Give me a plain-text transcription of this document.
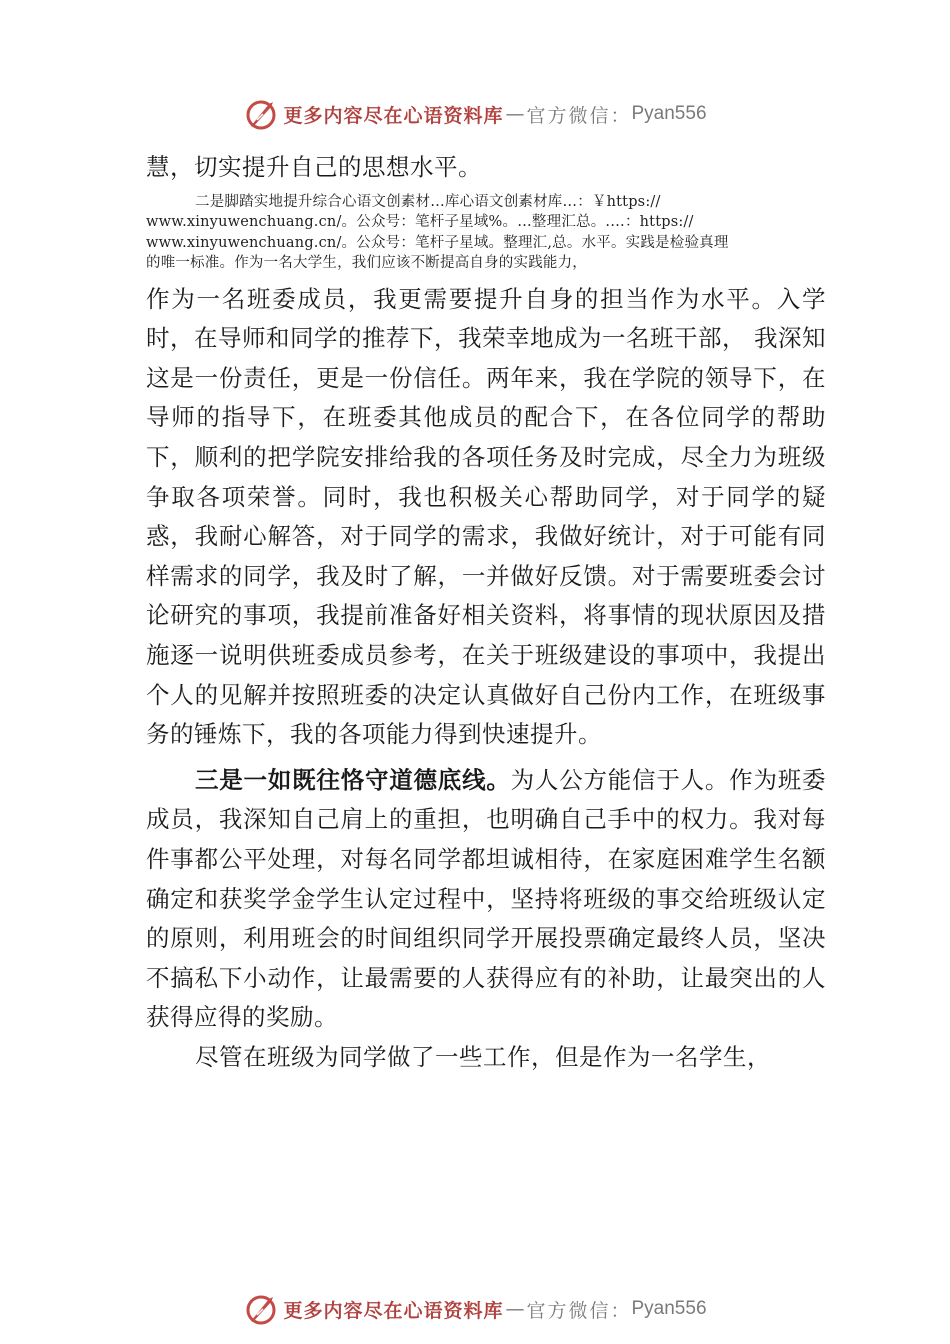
更多内容尽在心语资料库 — 官方微信： Pyan556

慧，切实提升自己的思想水平。

二是脚踏实地提升综合心语文创素材…库心语文创素材库…：￥https://
www.xinyuwenchuang.cn/。公众号：笔杆子星域%。…整理汇总。.…：https://
www.xinyuwenchuang.cn/。公众号：笔杆子星域。整理汇,总。水平。实践是检验真理
的唯一标准。作为一名大学生，我们应该不断提高自身的实践能力，

作为一名班委成员，我更需要提升自身的担当作为水平。入学时，在导师和同学的推荐下，我荣幸地成为一名班干部， 我深知这是一份责任，更是一份信任。两年来，我在学院的领导下，在导师的指导下，在班委其他成员的配合下，在各位同学的帮助下，顺利的把学院安排给我的各项任务及时完成，尽全力为班级争取各项荣誉。同时，我也积极关心帮助同学，对于同学的疑惑，我耐心解答，对于同学的需求，我做好统计，对于可能有同样需求的同学，我及时了解，一并做好反馈。对于需要班委会讨论研究的事项，我提前准备好相关资料，将事情的现状原因及措施逐一说明供班委成员参考，在关于班级建设的事项中，我提出个人的见解并按照班委的决定认真做好自己份内工作，在班级事务的锤炼下，我的各项能力得到快速提升。

三是一如既往恪守道德底线。为人公方能信于人。作为班委成员，我深知自己肩上的重担，也明确自己手中的权力。我对每件事都公平处理，对每名同学都坦诚相待，在家庭困难学生名额确定和获奖学金学生认定过程中，坚持将班级的事交给班级认定的原则，利用班会的时间组织同学开展投票确定最终人员，坚决不搞私下小动作，让最需要的人获得应有的补助，让最突出的人获得应得的奖励。

尽管在班级为同学做了一些工作，但是作为一名学生，

更多内容尽在心语资料库 — 官方微信： Pyan556
